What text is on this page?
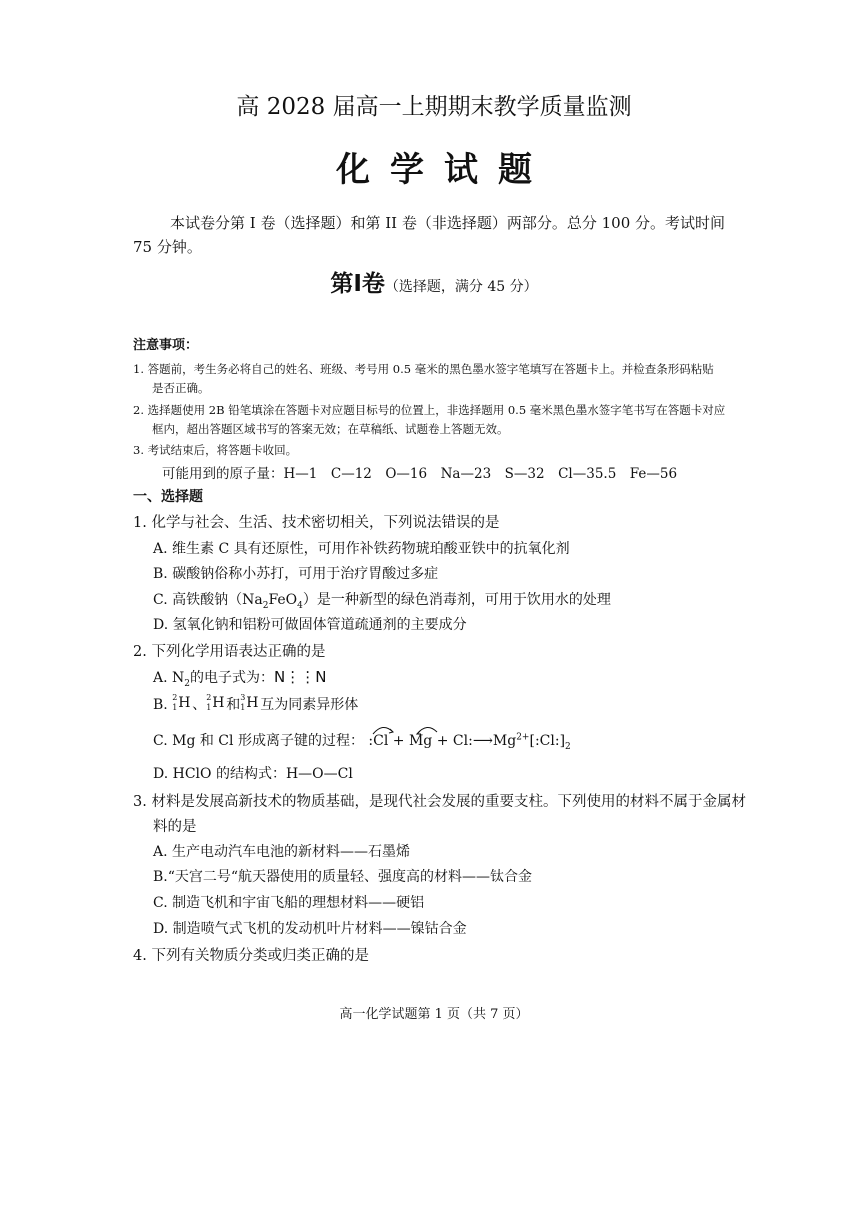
高 2028 届高一上期期末教学质量监测
化学试题
本试卷分第 I 卷（选择题）和第 II 卷（非选择题）两部分。总分 100 分。考试时间
75 分钟。
第Ⅰ卷（选择题，满分 45 分）
注意事项：
1. 答题前，考生务必将自己的姓名、班级、考号用 0.5 毫米的黑色墨水签字笔填写在答题卡上。并检查条形码粘贴
是否正确。
2. 选择题使用 2B 铅笔填涂在答题卡对应题目标号的位置上，非选择题用 0.5 毫米黑色墨水签字笔书写在答题卡对应
框内，超出答题区域书写的答案无效；在草稿纸、试题卷上答题无效。
3. 考试结束后，将答题卡收回。
可能用到的原子量：H—1　C—12　O—16　Na—23　S—32　Cl—35.5　Fe—56
一、选择题
1. 化学与社会、生活、技术密切相关，下列说法错误的是
A. 维生素 C 具有还原性，可用作补铁药物琥珀酸亚铁中的抗氧化剂
B. 碳酸钠俗称小苏打，可用于治疗胃酸过多症
C. 高铁酸钠$(Na_2FeO_4)$是一种新型的绿色消毒剂，可用于饮用水的处理
D. 氢氧化钠和铝粉可做固体管道疏通剂的主要成分
2. 下列化学用语表达正确的是
A. $N_2$的电子式为：N⋮⋮N
B. 2
1 H 、 2
1 H 和 3
1 H 互为同素异形体
C. Mg 和 Cl 形成离子键的过程： :Cl + $Mg + Cl:⟶Mg^{2+}[:Cl:]_2$
D. HClO 的结构式：H—O—Cl
3. 材料是发展高新技术的物质基础，是现代社会发展的重要支柱。下列使用的材料不属于金属材
料的是
A. 生产电动汽车电池的新材料——石墨烯
B.“天宫二号“航天器使用的质量轻、强度高的材料——钛合金
C. 制造飞机和宇宙飞船的理想材料——硬铝
D. 制造喷气式飞机的发动机叶片材料——镍钴合金
4. 下列有关物质分类或归类正确的是
高一化学试题第 1 页（共 7 页）
